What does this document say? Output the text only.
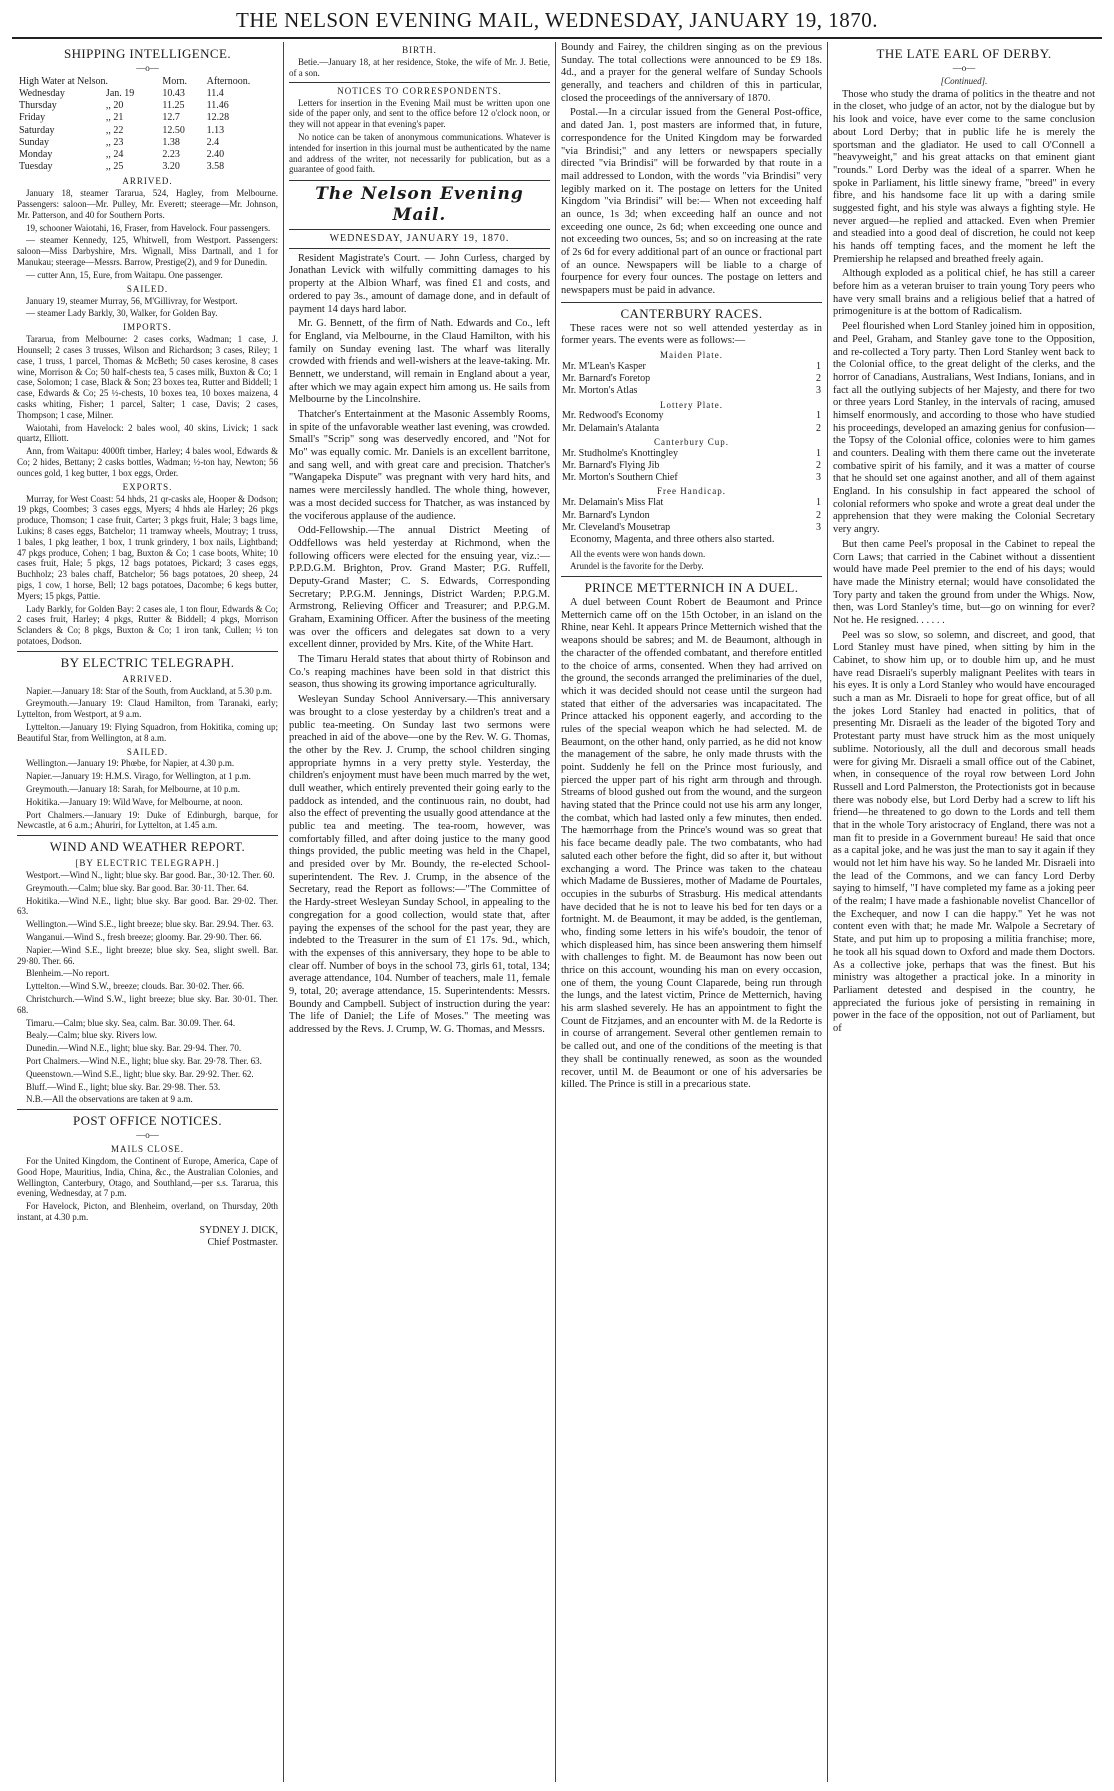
THE NELSON EVENING MAIL, WEDNESDAY, JANUARY 19, 1870.
SHIPPING INTELLIGENCE.
—o—
High Water at Nelson.		Morn.	Afternoon.
Wednesday	Jan. 19	10.43	11.4
Thursday	,, 20	11.25	11.46
Friday	,, 21	12.7	12.28
Saturday	,, 22	12.50	1.13
Sunday	,, 23	1.38	2.4
Monday	,, 24	2.23	2.40
Tuesday	,, 25	3.20	3.58
ARRIVED.

January 18, steamer Tararua, 524, Hagley, from Melbourne. Passengers: saloon—Mr. Pulley, Mr. Everett; steerage—Mr. Johnson, Mr. Patterson, and 40 for Southern Ports.

19, schooner Waiotahi, 16, Fraser, from Havelock. Four passengers.

— steamer Kennedy, 125, Whitwell, from Westport. Passengers: saloon—Miss Darbyshire, Mrs. Wignall, Miss Dartnall, and 1 for Manukau; steerage—Messrs. Barrow, Prestige(2), and 9 for Dunedin.

— cutter Ann, 15, Eure, from Waitapu. One passenger.

SAILED.

January 19, steamer Murray, 56, M'Gillivray, for Westport.

— steamer Lady Barkly, 30, Walker, for Golden Bay.

IMPORTS.

Tararua, from Melbourne: 2 cases corks, Wadman; 1 case, J. Hounsell; 2 cases 3 trusses, Wilson and Richardson; 3 cases, Riley; 1 case, 1 truss, 1 parcel, Thomas & McBeth; 50 cases kerosine, 8 cases wine, Morrison & Co; 50 half-chests tea, 5 cases milk, Buxton & Co; 1 case, Solomon; 1 case, Black & Son; 23 boxes tea, Rutter and Biddell; 1 case, Edwards & Co; 25 ½-chests, 10 boxes tea, 10 boxes maizena, 4 casks whiting, Fisher; 1 parcel, Salter; 1 case, Davis; 2 cases, Thompson; 1 case, Milner.

Waiotahi, from Havelock: 2 bales wool, 40 skins, Livick; 1 sack quartz, Elliott.

Ann, from Waitapu: 4000ft timber, Harley; 4 bales wool, Edwards & Co; 2 hides, Bettany; 2 casks bottles, Wadman; ½-ton hay, Newton; 56 ounces gold, 1 keg butter, 1 box eggs, Order.

EXPORTS.

Murray, for West Coast: 54 hhds, 21 qr-casks ale, Hooper & Dodson; 19 pkgs, Coombes; 3 cases eggs, Myers; 4 hhds ale Harley; 26 pkgs produce, Thomson; 1 case fruit, Carter; 3 pkgs fruit, Hale; 3 bags lime, Lukins; 8 cases eggs, Batchelor; 11 tramway wheels, Moutray; 1 truss, 1 bales, 1 pkg leather, 1 box, 1 trunk grindery, 1 box nails, Lightband; 47 pkgs produce, Cohen; 1 bag, Buxton & Co; 1 case boots, White; 10 cases fruit, Hale; 5 pkgs, 12 bags potatoes, Pickard; 3 cases eggs, Buchholz; 23 bales chaff, Batchelor; 56 bags potatoes, 20 sheep, 24 pigs, 1 cow, 1 horse, Bell; 12 bags potatoes, Dacombe; 6 kegs butter, Myers; 15 pkgs, Pattie.

Lady Barkly, for Golden Bay: 2 cases ale, 1 ton flour, Edwards & Co; 2 cases fruit, Harley; 4 pkgs, Rutter & Biddell; 4 pkgs, Morrison Sclanders & Co; 8 pkgs, Buxton & Co; 1 iron tank, Cullen; ½ ton potatoes, Dodson.

BY ELECTRIC TELEGRAPH.
ARRIVED.

Napier.—January 18: Star of the South, from Auckland, at 5.30 p.m.

Greymouth.—January 19: Claud Hamilton, from Taranaki, early; Lyttelton, from Westport, at 9 a.m.

Lyttelton.—January 19: Flying Squadron, from Hokitika, coming up; Beautiful Star, from Wellington, at 8 a.m.

SAILED.

Wellington.—January 19: Phœbe, for Napier, at 4.30 p.m.

Napier.—January 19: H.M.S. Virago, for Wellington, at 1 p.m.

Greymouth.—January 18: Sarah, for Melbourne, at 10 p.m.

Hokitika.—January 19: Wild Wave, for Melbourne, at noon.

Port Chalmers.—January 19: Duke of Edinburgh, barque, for Newcastle, at 6 a.m.; Ahuriri, for Lyttelton, at 1.45 a.m.

WIND AND WEATHER REPORT.
[BY ELECTRIC TELEGRAPH.]

Westport.—Wind N., light; blue sky. Bar good. Bar., 30·12. Ther. 60.

Greymouth.—Calm; blue sky. Bar good. Bar. 30·11. Ther. 64.

Hokitika.—Wind N.E., light; blue sky. Bar good. Bar. 29·02. Ther. 63.

Wellington.—Wind S.E., light breeze; blue sky. Bar. 29.94. Ther. 63.

Wanganui.—Wind S., fresh breeze; gloomy. Bar. 29·90. Ther. 66.

Napier.—Wind S.E., light breeze; blue sky. Sea, slight swell. Bar. 29·80. Ther. 66.

Blenheim.—No report.

Lyttelton.—Wind S.W., breeze; clouds. Bar. 30·02. Ther. 66.

Christchurch.—Wind S.W., light breeze; blue sky. Bar. 30·01. Ther. 68.

Timaru.—Calm; blue sky. Sea, calm. Bar. 30.09. Ther. 64.

Bealy.—Calm; blue sky. Rivers low.

Dunedin.—Wind N.E., light; blue sky. Bar. 29·94. Ther. 70.

Port Chalmers.—Wind N.E., light; blue sky. Bar. 29·78. Ther. 63.

Queenstown.—Wind S.E., light; blue sky. Bar. 29·92. Ther. 62.

Bluff.—Wind E., light; blue sky. Bar. 29·98. Ther. 53.

N.B.—All the observations are taken at 9 a.m.

POST OFFICE NOTICES.
—o—
MAILS CLOSE.

For the United Kingdom, the Continent of Europe, America, Cape of Good Hope, Mauritius, India, China, &c., the Australian Colonies, and Wellington, Canterbury, Otago, and Southland,—per s.s. Tararua, this evening, Wednesday, at 7 p.m.

For Havelock, Picton, and Blenheim, overland, on Thursday, 20th instant, at 4.30 p.m.

SYDNEY J. DICK,
Chief Postmaster.
BIRTH.

Betie.—January 18, at her residence, Stoke, the wife of Mr. J. Betie, of a son.

NOTICES TO CORRESPONDENTS.

Letters for insertion in the Evening Mail must be written upon one side of the paper only, and sent to the office before 12 o'clock noon, or they will not appear in that evening's paper.

No notice can be taken of anonymous communications. Whatever is intended for insertion in this journal must be authenticated by the name and address of the writer, not necessarily for publication, but as a guarantee of good faith.

The Nelson Evening Mail.
WEDNESDAY, JANUARY 19, 1870.

Resident Magistrate's Court. — John Curless, charged by Jonathan Levick with wilfully committing damages to his property at the Albion Wharf, was fined £1 and costs, and ordered to pay 3s., amount of damage done, and in default of payment 14 days hard labor.

Mr. G. Bennett, of the firm of Nath. Edwards and Co., left for England, via Melbourne, in the Claud Hamilton, with his family on Sunday evening last. The wharf was literally crowded with friends and well-wishers at the leave-taking. Mr. Bennett, we understand, will remain in England about a year, after which we may again expect him among us. He sails from Melbourne by the Lincolnshire.

Thatcher's Entertainment at the Masonic Assembly Rooms, in spite of the unfavorable weather last evening, was crowded. Small's "Scrip" song was deservedly encored, and "Not for Mo" was equally comic. Mr. Daniels is an excellent barritone, and sang well, and with great care and precision. Thatcher's "Wangapeka Dispute" was pregnant with very hard hits, and names were mercilessly handled. The whole thing, however, was a most decided success for Thatcher, as was instanced by the vociferous applause of the audience.

Odd-Fellowship.—The annual District Meeting of Oddfellows was held yesterday at Richmond, when the following officers were elected for the ensuing year, viz.:—P.P.D.G.M. Brighton, Prov. Grand Master; P.G. Ruffell, Deputy-Grand Master; C. S. Edwards, Corresponding Secretary; P.P.G.M. Jennings, District Warden; P.P.G.M. Armstrong, Relieving Officer and Treasurer; and P.P.G.M. Graham, Examining Officer. After the business of the meeting was over the officers and delegates sat down to a very excellent dinner, provided by Mrs. Kite, of the White Hart.

The Timaru Herald states that about thirty of Robinson and Co.'s reaping machines have been sold in that district this season, thus showing its growing importance agriculturally.

Wesleyan Sunday School Anniversary.—This anniversary was brought to a close yesterday by a children's treat and a public tea-meeting. On Sunday last two sermons were preached in aid of the above—one by the Rev. W. G. Thomas, the other by the Rev. J. Crump, the school children singing appropriate hymns in a very pretty style. Yesterday, the children's enjoyment must have been much marred by the wet, dull weather, which entirely prevented their going early to the paddock as intended, and the continuous rain, no doubt, had also the effect of preventing the usually good attendance at the public tea and meeting. The tea-room, however, was comfortably filled, and after doing justice to the many good things provided, the public meeting was held in the Chapel, and presided over by Mr. Boundy, the re-elected School-superintendent. The Rev. J. Crump, in the absence of the Secretary, read the Report as follows:—"The Committee of the Hardy-street Wesleyan Sunday School, in appealing to the congregation for a good collection, would state that, after paying the expenses of the school for the past year, they are indebted to the Treasurer in the sum of £1 17s. 9d., which, with the expenses of this anniversary, they hope to be able to clear off. Number of boys in the school 73, girls 61, total, 134; average attendance, 104. Number of teachers, male 11, female 9, total, 20; average attendance, 15. Superintendents: Messrs. Boundy and Campbell. Subject of instruction during the year: The life of Daniel; the Life of Moses." The meeting was addressed by the Revs. J. Crump, W. G. Thomas, and Messrs.

Boundy and Fairey, the children singing as on the previous Sunday. The total collections were announced to be £9 18s. 4d., and a prayer for the general welfare of Sunday Schools generally, and teachers and children of this in particular, closed the proceedings of the anniversary of 1870.

Postal.—In a circular issued from the General Post-office, and dated Jan. 1, post masters are informed that, in future, correspondence for the United Kingdom may be forwarded "via Brindisi;" and any letters or newspapers specially directed "via Brindisi" will be forwarded by that route in a mail addressed to London, with the words "via Brindisi" very legibly marked on it. The postage on letters for the United Kingdom "via Brindisi" will be:— When not exceeding half an ounce, 1s 3d; when exceeding half an ounce and not exceeding one ounce, 2s 6d; when exceeding one ounce and not exceeding two ounces, 5s; and so on increasing at the rate of 2s 6d for every additional part of an ounce or fractional part of an ounce. Newspapers will be liable to a charge of fourpence for every four ounces. The postage on letters and newspapers must be paid in advance.

CANTERBURY RACES.

These races were not so well attended yesterday as in former years. The events were as follows:—

Maiden Plate.
Mr. M'Lean's Kasper	1
Mr. Barnard's Foretop	2
Mr. Morton's Atlas	3
Lottery Plate.
Mr. Redwood's Economy	1
Mr. Delamain's Atalanta	2
Canterbury Cup.
Mr. Studholme's Knottingley	1
Mr. Barnard's Flying Jib	2
Mr. Morton's Southern Chief	3
Free Handicap.
Mr. Delamain's Miss Flat	1
Mr. Barnard's Lyndon	2
Mr. Cleveland's Mousetrap	3

Economy, Magenta, and three others also started.

All the events were won hands down.

Arundel is the favorite for the Derby.

PRINCE METTERNICH IN A DUEL.

A duel between Count Robert de Beaumont and Prince Metternich came off on the 15th October, in an island on the Rhine, near Kehl. It appears Prince Metternich wished that the weapons should be sabres; and M. de Beaumont, although in the character of the offended combatant, and therefore entitled to the choice of arms, consented. When they had arrived on the ground, the seconds arranged the preliminaries of the duel, which it was decided should not cease until the surgeon had stated that either of the adversaries was incapacitated. The Prince attacked his opponent eagerly, and according to the rules of the special weapon which he had selected. M. de Beaumont, on the other hand, only parried, as he did not know the management of the sabre, he only made thrusts with the point. Suddenly he fell on the Prince most furiously, and pierced the upper part of his right arm through and through. Streams of blood gushed out from the wound, and the surgeon having stated that the Prince could not use his arm any longer, the combat, which had lasted only a few minutes, then ended. The hæmorrhage from the Prince's wound was so great that his face became deadly pale. The two combatants, who had saluted each other before the fight, did so after it, but without exchanging a word. The Prince was taken to the chateau which Madame de Bussieres, mother of Madame de Pourtales, occupies in the suburbs of Strasburg. His medical attendants have decided that he is not to leave his bed for ten days or a fortnight. M. de Beaumont, it may be added, is the gentleman, who, finding some letters in his wife's boudoir, the tenor of which displeased him, has since been answering them himself with challenges to fight. M. de Beaumont has now been out thrice on this account, wounding his man on every occasion, one of them, the young Count Claparede, being run through the lungs, and the latest victim, Prince de Metternich, having his arm slashed severely. He has an appointment to fight the Count de Fitzjames, and an encounter with M. de la Redorte is in course of arrangement. Several other gentlemen remain to be called out, and one of the conditions of the meeting is that they shall be continually renewed, as soon as the wounded recover, until M. de Beaumont or one of his adversaries be killed. The Prince is still in a precarious state.

THE LATE EARL OF DERBY.
—o—
[Continued].

Those who study the drama of politics in the theatre and not in the closet, who judge of an actor, not by the dialogue but by his look and voice, have ever come to the same conclusion about Lord Derby; that in public life he is merely the sportsman and the gladiator. He used to call O'Connell a "heavyweight," and his great attacks on that eminent giant "rounds." Lord Derby was the ideal of a sparrer. When he spoke in Parliament, his little sinewy frame, "breed" in every fibre, and his handsome face lit up with a daring smile suggested fight, and his style was always a fighting style. He never argued—he replied and attacked. Even when Premier and steadied into a good deal of discretion, he could not keep his hands off tempting faces, and the moment he left the Premiership he relapsed and breathed freely again.

Although exploded as a political chief, he has still a career before him as a veteran bruiser to train young Tory peers who have very small brains and a religious belief that a hatred of primogeniture is at the bottom of Radicalism.

Peel flourished when Lord Stanley joined him in opposition, and Peel, Graham, and Stanley gave tone to the Opposition, and re-collected a Tory party. Then Lord Stanley went back to the Colonial office, to the great delight of the clerks, and the horror of Canadians, Australians, West Indians, Ionians, and in fact all the outlying subjects of her Majesty, and there for two or three years Lord Stanley, in the intervals of racing, amused himself enormously, and according to those who have studied his proceedings, developed an amazing genius for confusion—the Topsy of the Colonial office, colonies were to him games and counters. Dealing with them there came out the inveterate combative spirit of his family, and it was a matter of course that he should set one against another, and all of them against England. In his consulship in fact appeared the school of colonial reformers who spoke and wrote a great deal under the apprehension that they were making the Colonial Secretary very angry.

But then came Peel's proposal in the Cabinet to repeal the Corn Laws; that carried in the Cabinet without a dissentient would have made Peel premier to the end of his days; would have made the Ministry eternal; would have consolidated the Tory party and taken the ground from under the Whigs. Now, then, was Lord Stanley's time, but—go on winning for ever? Not he. He resigned. . . . . .

Peel was so slow, so solemn, and discreet, and good, that Lord Stanley must have pined, when sitting by him in the Cabinet, to show him up, or to double him up, and he must have read Disraeli's superbly malignant Peelites with tears in his eyes. It is only a Lord Stanley who would have encouraged such a man as Mr. Disraeli to hope for great office, but of all the jokes Lord Stanley had enacted in politics, that of presenting Mr. Disraeli as the leader of the bigoted Tory and Protestant party must have struck him as the most uniquely sublime. Notoriously, all the dull and decorous small heads were for giving Mr. Disraeli a small office out of the Cabinet, when, in consequence of the royal row between Lord John Russell and Lord Palmerston, the Protectionists got in because there was nobody else, but Lord Derby had a screw to lift his friend—he threatened to go down to the Lords and tell them that in the whole Tory aristocracy of England, there was not a man fit to preside in a Government bureau! He said that once as a capital joke, and he was just the man to say it again if they would not let him have his way. So he landed Mr. Disraeli into the lead of the Commons, and we can fancy Lord Derby saying to himself, "I have completed my fame as a joking peer of the realm; I have made a fashionable novelist Chancellor of the Exchequer, and now I can die happy." Yet he was not content even with that; he made Mr. Walpole a Secretary of State, and put him up to proposing a militia franchise; more, he took all his squad down to Oxford and made them Doctors. As a collective joke, perhaps that was the finest. But his ministry was altogether a practical joke. In a minority in Parliament detested and despised in the country, he appreciated the furious joke of persisting in remaining in power in the face of the opposition, not out of Parliament, but of
